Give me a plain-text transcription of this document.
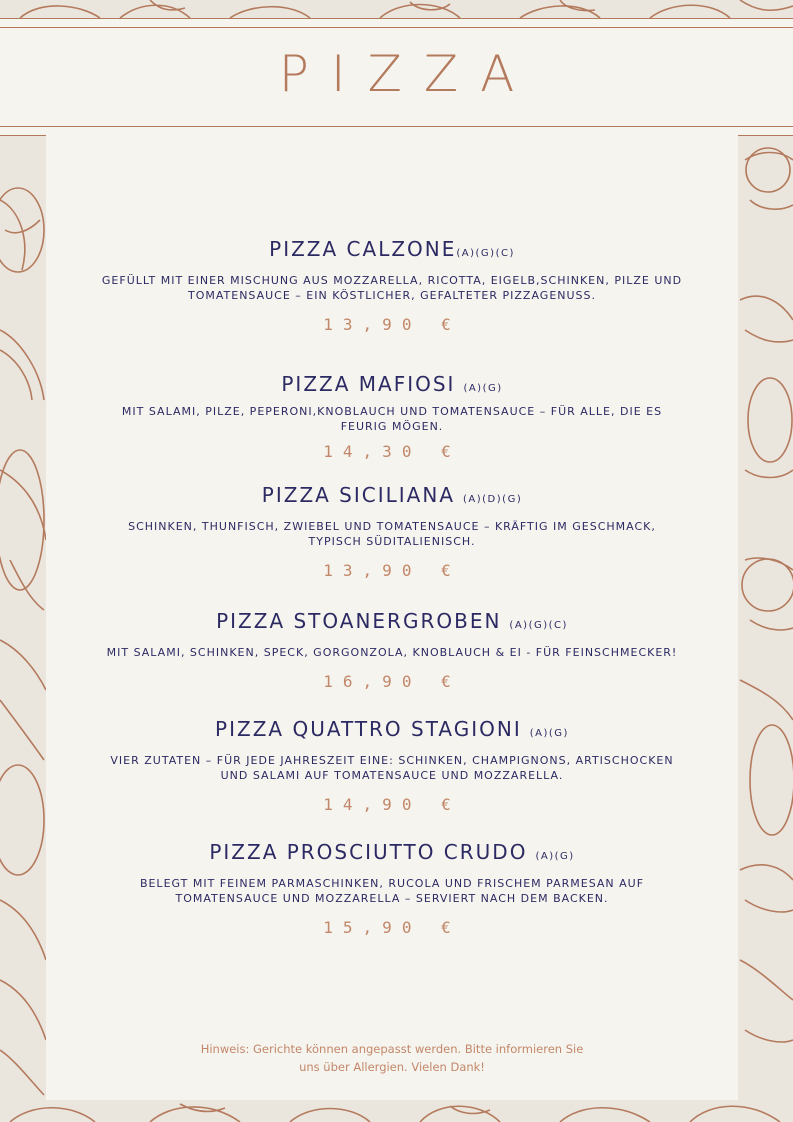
PIZZA
PIZZA CALZONE(A)(G)(C)
GEFÜLLT MIT EINER MISCHUNG AUS MOZZARELLA, RICOTTA, EIGELB,SCHINKEN, PILZE UND TOMATENSAUCE – EIN KÖSTLICHER, GEFALTETER PIZZAGENUSS.
13,90 €
PIZZA MAFIOSI (A)(G)
MIT SALAMI, PILZE, PEPERONI,KNOBLAUCH UND TOMATENSAUCE – FÜR ALLE, DIE ES FEURIG MÖGEN.
14,30 €
PIZZA SICILIANA (A)(D)(G)
SCHINKEN, THUNFISCH, ZWIEBEL UND TOMATENSAUCE – KRÄFTIG IM GESCHMACK, TYPISCH SÜDITALIENISCH.
13,90 €
PIZZA STOANERGROBEN (A)(G)(C)
MIT SALAMI, SCHINKEN, SPECK, GORGONZOLA, KNOBLAUCH & EI - FÜR FEINSCHMECKER!
16,90 €
PIZZA QUATTRO STAGIONI (A)(G)
VIER ZUTATEN – FÜR JEDE JAHRESZEIT EINE: SCHINKEN, CHAMPIGNONS, ARTISCHOCKEN UND SALAMI AUF TOMATENSAUCE UND MOZZARELLA.
14,90 €
PIZZA PROSCIUTTO CRUDO (A)(G)
BELEGT MIT FEINEM PARMASCHINKEN, RUCOLA UND FRISCHEM PARMESAN AUF TOMATENSAUCE UND MOZZARELLA – SERVIERT NACH DEM BACKEN.
15,90 €
Hinweis: Gerichte können angepasst werden. Bitte informieren Sie
uns über Allergien. Vielen Dank!
